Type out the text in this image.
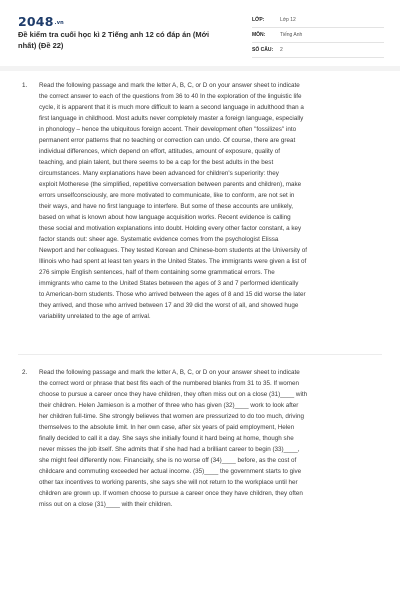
2048.vn
Đề kiểm tra cuối học kì 2 Tiếng anh 12 có đáp án (Mới
nhất) (Đề 22)
LỚP:	Lớp 12
MÔN:	Tiếng Anh
SỐ CÂU: 2
1. Read the following passage and mark the letter A, B, C, or D on your answer sheet to indicate
the correct answer to each of the questions from 36 to 40 In the exploration of the linguistic life
cycle, it is apparent that it is much more difficult to learn a second language in adulthood than a
first language in childhood. Most adults never completely master a foreign language, especially
in phonology – hence the ubiquitous foreign accent. Their development often "fossilizes" into
permanent error patterns that no teaching or correction can undo. Of course, there are great
individual differences, which depend on effort, attitudes, amount of exposure, quality of
teaching, and plain talent, but there seems to be a cap for the best adults in the best
circumstances. Many explanations have been advanced for children's superiority: they
exploit Motherese (the simplified, repetitive conversation between parents and children), make
errors unselfconsciously, are more motivated to communicate, like to conform, are not set in
their ways, and have no first language to interfere. But some of these accounts are unlikely,
based on what is known about how language acquisition works. Recent evidence is calling
these social and motivation explanations into doubt. Holding every other factor constant, a key
factor stands out: sheer age. Systematic evidence comes from the psychologist Elissa
Newport and her colleagues. They tested Korean and Chinese-born students at the University of
Illinois who had spent at least ten years in the United States. The immigrants were given a list of
276 simple English sentences, half of them containing some grammatical errors. The
immigrants who came to the United States between the ages of 3 and 7 performed identically
to American-born students. Those who arrived between the ages of 8 and 15 did worse the later
they arrived, and those who arrived between 17 and 39 did the worst of all, and showed huge
variability unrelated to the age of arrival.
2. Read the following passage and mark the letter A, B, C, or D on your answer sheet to indicate
the correct word or phrase that best fits each of the numbered blanks from 31 to 35. If women
choose to pursue a career once they have children, they often miss out on a close (31)____ with
their children. Helen Jamieson is a mother of three who has given (32)____ work to look after
her children full-time. She strongly believes that women are pressurized to do too much, driving
themselves to the absolute limit. In her own case, after six years of paid employment, Helen
finally decided to call it a day. She says she initially found it hard being at home, though she
never misses the job itself. She admits that if she had had a brilliant career to begin (33)____,
she might feel differently now. Financially, she is no worse off (34)____ before, as the cost of
childcare and commuting exceeded her actual income. (35)____ the government starts to give
other tax incentives to working parents, she says she will not return to the workplace until her
children are grown up. If women choose to pursue a career once they have children, they often
miss out on a close (31)____ with their children.
